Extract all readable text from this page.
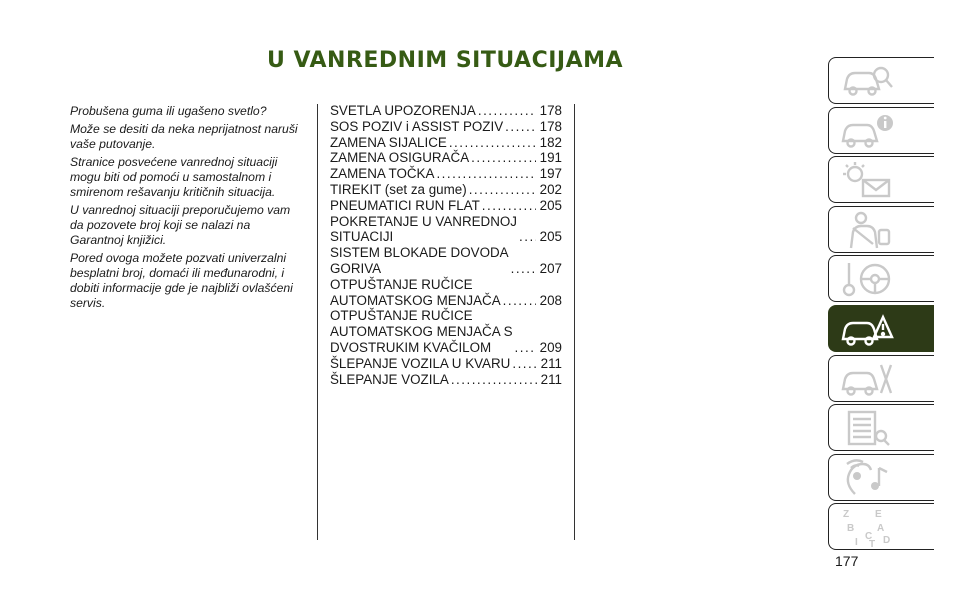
U VANREDNIM SITUACIJAMA

Probušena guma ili ugašeno svetlo?

Može se desiti da neka neprijatnost naruši vaše putovanje.

Stranice posvećene vanrednoj situaciji mogu biti od pomoći u samostalnom i smirenom rešavanju kritičnih situacija.

U vanrednoj situaciji preporučujemo vam da pozovete broj koji se nalazi na Garantnoj knjižici.

Pored ovoga možete pozvati univerzalni besplatni broj, domaći ili međunarodni, i dobiti informacije gde je najbliži ovlašćeni servis.

SVETLA UPOZORENJA .....	178
SOS POZIV i ASSIST POZIV .....	178
ZAMENA SIJALICE .....	182
ZAMENA OSIGURAČA .....	191
ZAMENA TOČKA .....	197
TIREKIT (set za gume) .....	202
PNEUMATICI RUN FLAT .....	205
POKRETANJE U VANREDNOJ
SITUACIJI .....	205
SISTEM BLOKADE DOVODA
GORIVA .....	207
OTPUŠTANJE RUČICE
AUTOMATSKOG MENJAČA .....	208
OTPUŠTANJE RUČICE
AUTOMATSKOG MENJAČA S
DVOSTRUKIM KVAČILOM .....	209
ŠLEPANJE VOZILA U KVARU ..... 211
ŠLEPANJE VOZILA .....	211
Z	E
B A
I
C
T D
177
